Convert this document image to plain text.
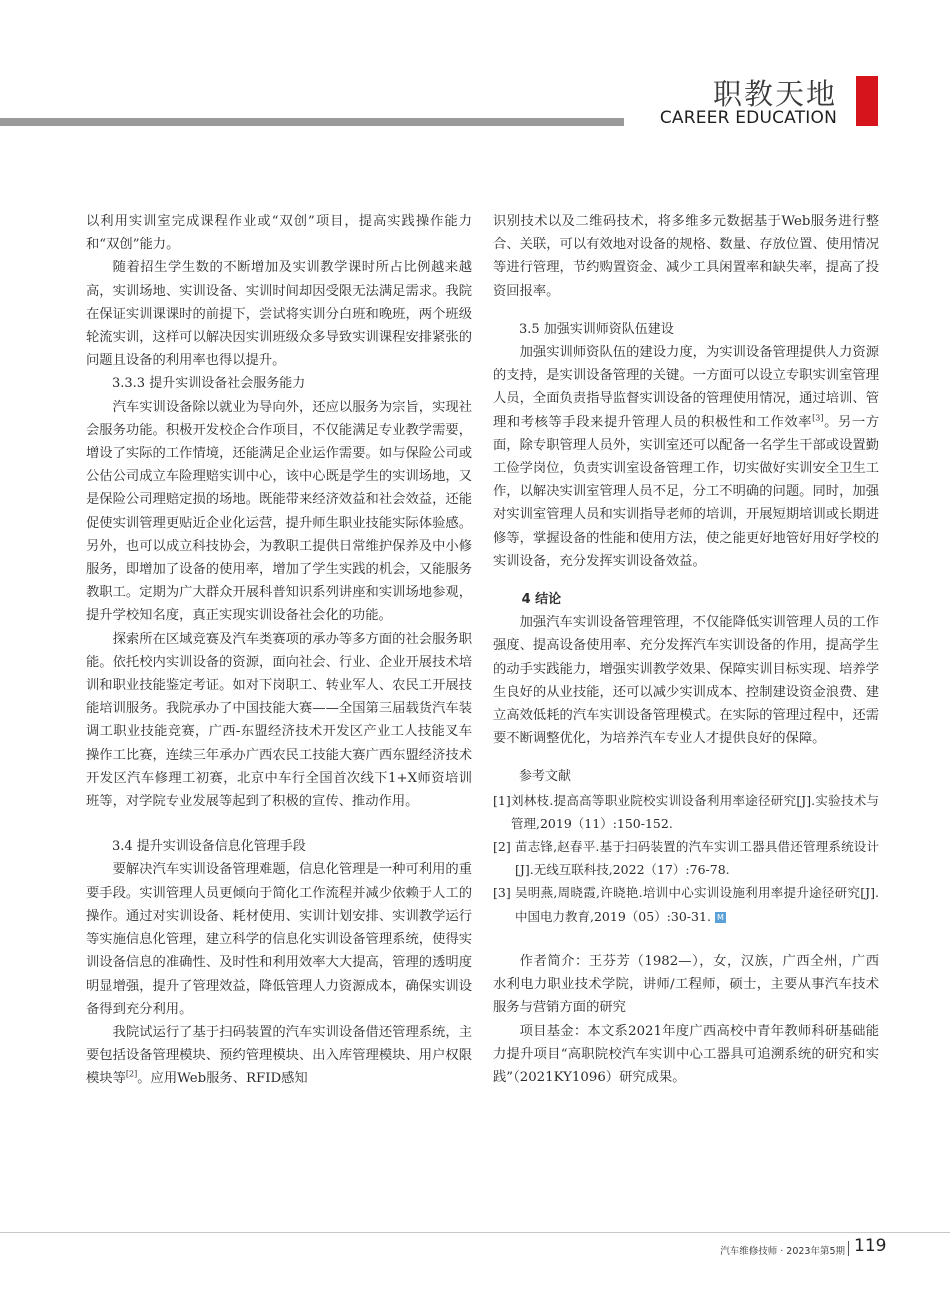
职教天地
CAREER EDUCATION

以利用实训室完成课程作业或“双创”项目，提高实践操作能力和“双创”能力。

随着招生学生数的不断增加及实训教学课时所占比例越来越高，实训场地、实训设备、实训时间却因受限无法满足需求。我院在保证实训课课时的前提下，尝试将实训分白班和晚班，两个班级轮流实训，这样可以解决因实训班级众多导致实训课程安排紧张的问题且设备的利用率也得以提升。

3.3.3 提升实训设备社会服务能力

汽车实训设备除以就业为导向外，还应以服务为宗旨，实现社会服务功能。积极开发校企合作项目，不仅能满足专业教学需要，增设了实际的工作情境，还能满足企业运作需要。如与保险公司或公估公司成立车险理赔实训中心，该中心既是学生的实训场地，又是保险公司理赔定损的场地。既能带来经济效益和社会效益，还能促使实训管理更贴近企业化运营，提升师生职业技能实际体验感。另外，也可以成立科技协会，为教职工提供日常维护保养及中小修服务，即增加了设备的使用率，增加了学生实践的机会，又能服务教职工。定期为广大群众开展科普知识系列讲座和实训场地参观，提升学校知名度，真正实现实训设备社会化的功能。

探索所在区域竞赛及汽车类赛项的承办等多方面的社会服务职能。依托校内实训设备的资源，面向社会、行业、企业开展技术培训和职业技能鉴定考证。如对下岗职工、转业军人、农民工开展技能培训服务。我院承办了中国技能大赛——全国第三届载货汽车装调工职业技能竞赛，广西-东盟经济技术开发区产业工人技能叉车操作工比赛，连续三年承办广西农民工技能大赛广西东盟经济技术开发区汽车修理工初赛，北京中车行全国首次线下1+X师资培训班等，对学院专业发展等起到了积极的宣传、推动作用。

3.4 提升实训设备信息化管理手段

要解决汽车实训设备管理难题，信息化管理是一种可利用的重要手段。实训管理人员更倾向于简化工作流程并减少依赖于人工的操作。通过对实训设备、耗材使用、实训计划安排、实训教学运行等实施信息化管理，建立科学的信息化实训设备管理系统，使得实训设备信息的准确性、及时性和利用效率大大提高，管理的透明度明显增强，提升了管理效益，降低管理人力资源成本，确保实训设备得到充分利用。

我院试运行了基于扫码装置的汽车实训设备借还管理系统，主要包括设备管理模块、预约管理模块、出入库管理模块、用户权限模块等[2]。应用Web服务、RFID感知

识别技术以及二维码技术，将多维多元数据基于Web服务进行整合、关联，可以有效地对设备的规格、数量、存放位置、使用情况等进行管理，节约购置资金、减少工具闲置率和缺失率，提高了投资回报率。

3.5 加强实训师资队伍建设

加强实训师资队伍的建设力度，为实训设备管理提供人力资源的支持，是实训设备管理的关键。一方面可以设立专职实训室管理人员，全面负责指导监督实训设备的管理使用情况，通过培训、管理和考核等手段来提升管理人员的积极性和工作效率[3]。另一方面，除专职管理人员外，实训室还可以配备一名学生干部或设置勤工俭学岗位，负责实训室设备管理工作，切实做好实训安全卫生工作，以解决实训室管理人员不足，分工不明确的问题。同时，加强对实训室管理人员和实训指导老师的培训，开展短期培训或长期进修等，掌握设备的性能和使用方法，使之能更好地管好用好学校的实训设备，充分发挥实训设备效益。

4 结论

加强汽车实训设备管理管理，不仅能降低实训管理人员的工作强度、提高设备使用率、充分发挥汽车实训设备的作用，提高学生的动手实践能力，增强实训教学效果、保障实训目标实现、培养学生良好的从业技能，还可以减少实训成本、控制建设资金浪费、建立高效低耗的汽车实训设备管理模式。在实际的管理过程中，还需要不断调整优化，为培养汽车专业人才提供良好的保障。

参考文献
[1] 刘林枝.提高高等职业院校实训设备利用率途径研究[J].实验技术与管理,2019（11）:150-152.
[2] 苗志锋,赵春平.基于扫码装置的汽车实训工器具借还管理系统设计[J].无线互联科技,2022（17）:76-78.
[3] 吴明燕,周晓霞,许晓艳.培训中心实训设施利用率提升途径研究[J].中国电力教育,2019（05）:30-31. M

作者简介：王芬芳（1982—），女，汉族，广西全州，广西水利电力职业技术学院，讲师/工程师，硕士，主要从事汽车技术服务与营销方面的研究

项目基金：本文系2021年度广西高校中青年教师科研基础能力提升项目“高职院校汽车实训中心工器具可追溯系统的研究和实践”（2021KY1096）研究成果。

汽车维修技师 · 2023年第5期 119
